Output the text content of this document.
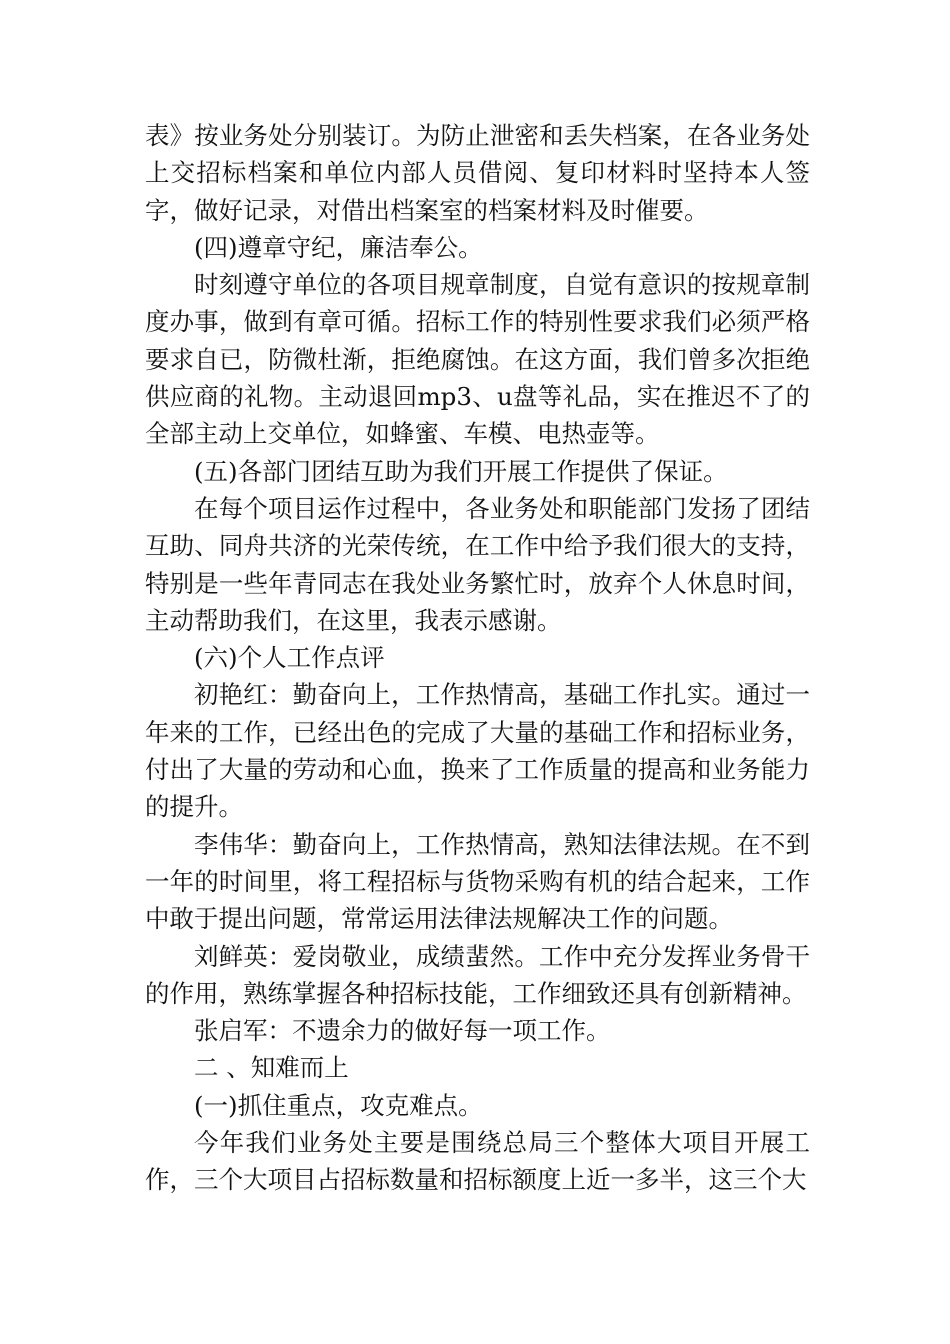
表》按业务处分别装订。为防止泄密和丢失档案，在各业务处上交招标档案和单位内部人员借阅、复印材料时坚持本人签字，做好记录，对借出档案室的档案材料及时催要。

(四)遵章守纪，廉洁奉公。

时刻遵守单位的各项目规章制度，自觉有意识的按规章制度办事，做到有章可循。招标工作的特别性要求我们必须严格要求自已，防微杜渐，拒绝腐蚀。在这方面，我们曾多次拒绝供应商的礼物。主动退回mp3、u盘等礼品，实在推迟不了的全部主动上交单位，如蜂蜜、车模、电热壶等。

(五)各部门团结互助为我们开展工作提供了保证。

在每个项目运作过程中，各业务处和职能部门发扬了团结互助、同舟共济的光荣传统，在工作中给予我们很大的支持，特别是一些年青同志在我处业务繁忙时，放弃个人休息时间，主动帮助我们，在这里，我表示感谢。

(六)个人工作点评

初艳红：勤奋向上，工作热情高，基础工作扎实。通过一年来的工作，已经出色的完成了大量的基础工作和招标业务，付出了大量的劳动和心血，换来了工作质量的提高和业务能力的提升。

李伟华：勤奋向上，工作热情高，熟知法律法规。在不到一年的时间里，将工程招标与货物采购有机的结合起来，工作中敢于提出问题，常常运用法律法规解决工作的问题。

刘鲜英：爱岗敬业，成绩蜚然。工作中充分发挥业务骨干的作用，熟练掌握各种招标技能，工作细致还具有创新精神。

张启军：不遗余力的做好每一项工作。

二 、知难而上

(一)抓住重点，攻克难点。

今年我们业务处主要是围绕总局三个整体大项目开展工作，三个大项目占招标数量和招标额度上近一多半，这三个大
